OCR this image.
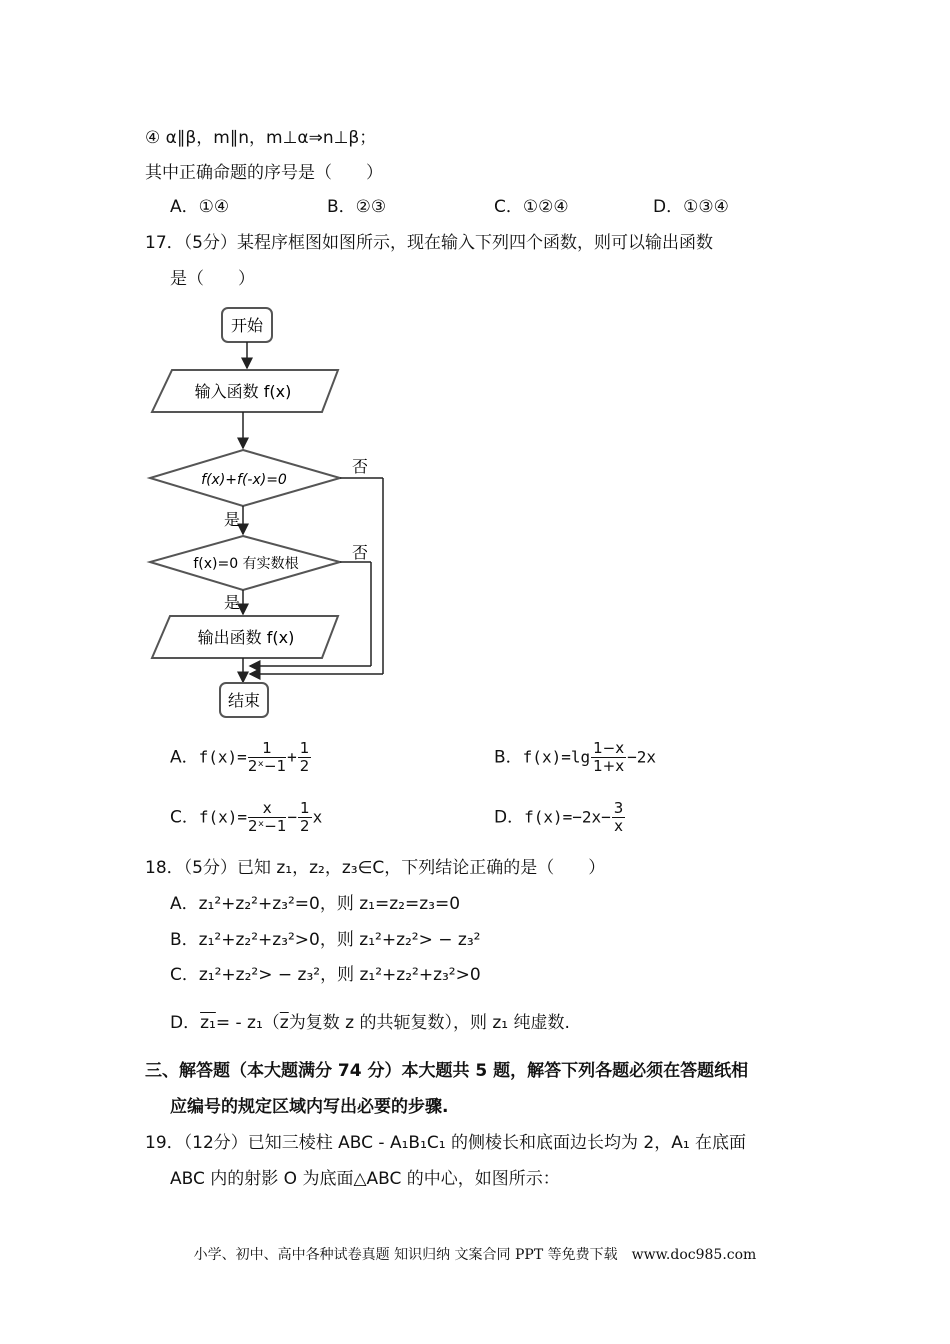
④ α∥β，m∥n，m⊥α⇒n⊥β；
其中正确命题的序号是（　　）
A．①④	B．②③	C．①②④	D．①③④
17．（5分）某程序框图如图所示，现在输入下列四个函数，则可以输出函数
是（　　）
开始
输入函数 f(x)
f(x)+f(-x)=0
否
是
f(x)=0 有实数根
否
是
输出函数 f(x)
结束
A．$f(x)= \frac{1}{\text{2ˣ−1}} + \frac{1}{2}$	B．$f(x)=\lg \frac{1-x}{1+x} -2x$
C．$f(x)= \frac{x}{\text{2ˣ−1}} - \frac{1}{2}$ x	D．$f(x)=-2x- \frac{3}{x}$
18．（5分）已知 z₁，z₂，z₃∈C，下列结论正确的是（　　）
A．z₁²+z₂²+z₃²=0，则 z₁=z₂=z₃=0
B．z₁²+z₂²+z₃²>0，则 z₁²+z₂²> − z₃²
C．z₁²+z₂²> − z₃²，则 z₁²+z₂²+z₃²>0
D．$z_1= - z_1(\overline{z}$为复数 z 的共轭复数），则 z₁ 纯虚数.
三、解答题（本大题满分 74 分）本大题共 5 题，解答下列各题必须在答题纸相
应编号的规定区域内写出必要的步骤.
19．（12分）已知三棱柱 ABC - A₁B₁C₁ 的侧棱长和底面边长均为 2，A₁ 在底面
ABC 内的射影 O 为底面△ABC 的中心，如图所示：
小学、初中、高中各种试卷真题 知识归纳 文案合同 PPT 等免费下载　www.doc985.com
